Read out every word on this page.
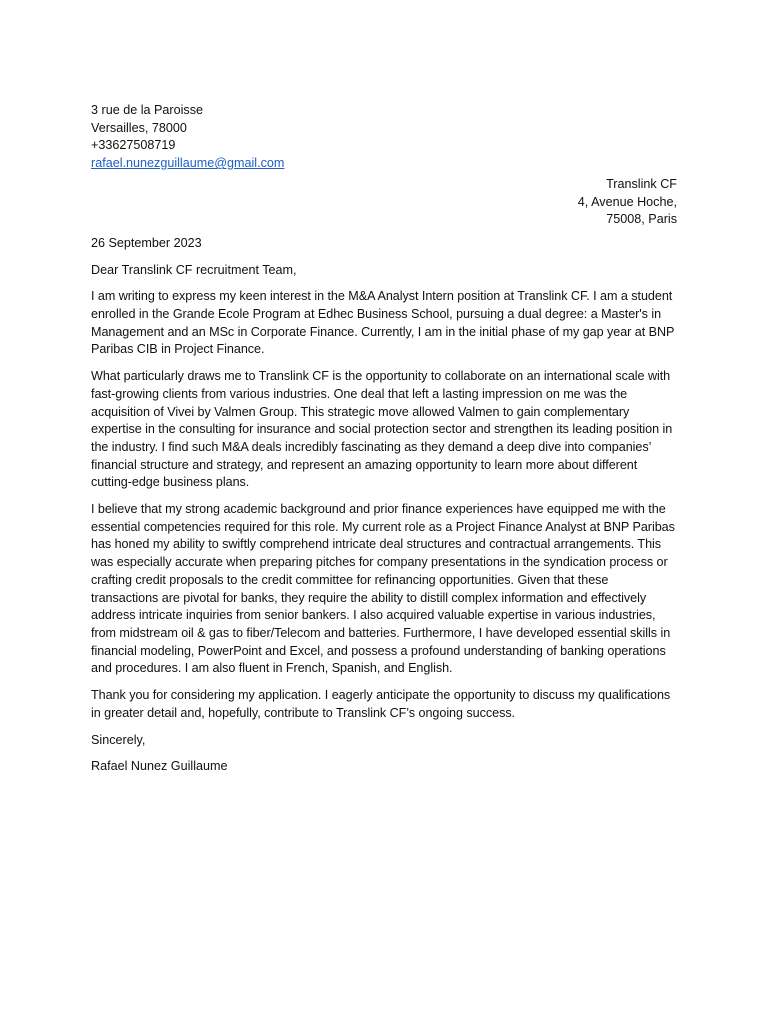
3 rue de la Paroisse
Versailles, 78000
+33627508719
rafael.nunezguillaume@gmail.com
Translink CF
4, Avenue Hoche,
75008, Paris
26 September 2023
Dear Translink CF recruitment Team,

I am writing to express my keen interest in the M&A Analyst Intern position at Translink CF. I am a student enrolled in the Grande Ecole Program at Edhec Business School, pursuing a dual degree: a Master's in Management and an MSc in Corporate Finance. Currently, I am in the initial phase of my gap year at BNP Paribas CIB in Project Finance.

What particularly draws me to Translink CF is the opportunity to collaborate on an international scale with fast-growing clients from various industries. One deal that left a lasting impression on me was the acquisition of Vivei by Valmen Group. This strategic move allowed Valmen to gain complementary expertise in the consulting for insurance and social protection sector and strengthen its leading position in the industry. I find such M&A deals incredibly fascinating as they demand a deep dive into companies’ financial structure and strategy, and represent an amazing opportunity to learn more about different cutting-edge business plans.

I believe that my strong academic background and prior finance experiences have equipped me with the essential competencies required for this role. My current role as a Project Finance Analyst at BNP Paribas has honed my ability to swiftly comprehend intricate deal structures and contractual arrangements. This was especially accurate when preparing pitches for company presentations in the syndication process or crafting credit proposals to the credit committee for refinancing opportunities. Given that these transactions are pivotal for banks, they require the ability to distill complex information and effectively address intricate inquiries from senior bankers. I also acquired valuable expertise in various industries, from midstream oil & gas to fiber/Telecom and batteries. Furthermore, I have developed essential skills in financial modeling, PowerPoint and Excel, and possess a profound understanding of banking operations and procedures. I am also fluent in French, Spanish, and English.

Thank you for considering my application. I eagerly anticipate the opportunity to discuss my qualifications in greater detail and, hopefully, contribute to Translink CF’s ongoing success.

Sincerely,
Rafael Nunez Guillaume
